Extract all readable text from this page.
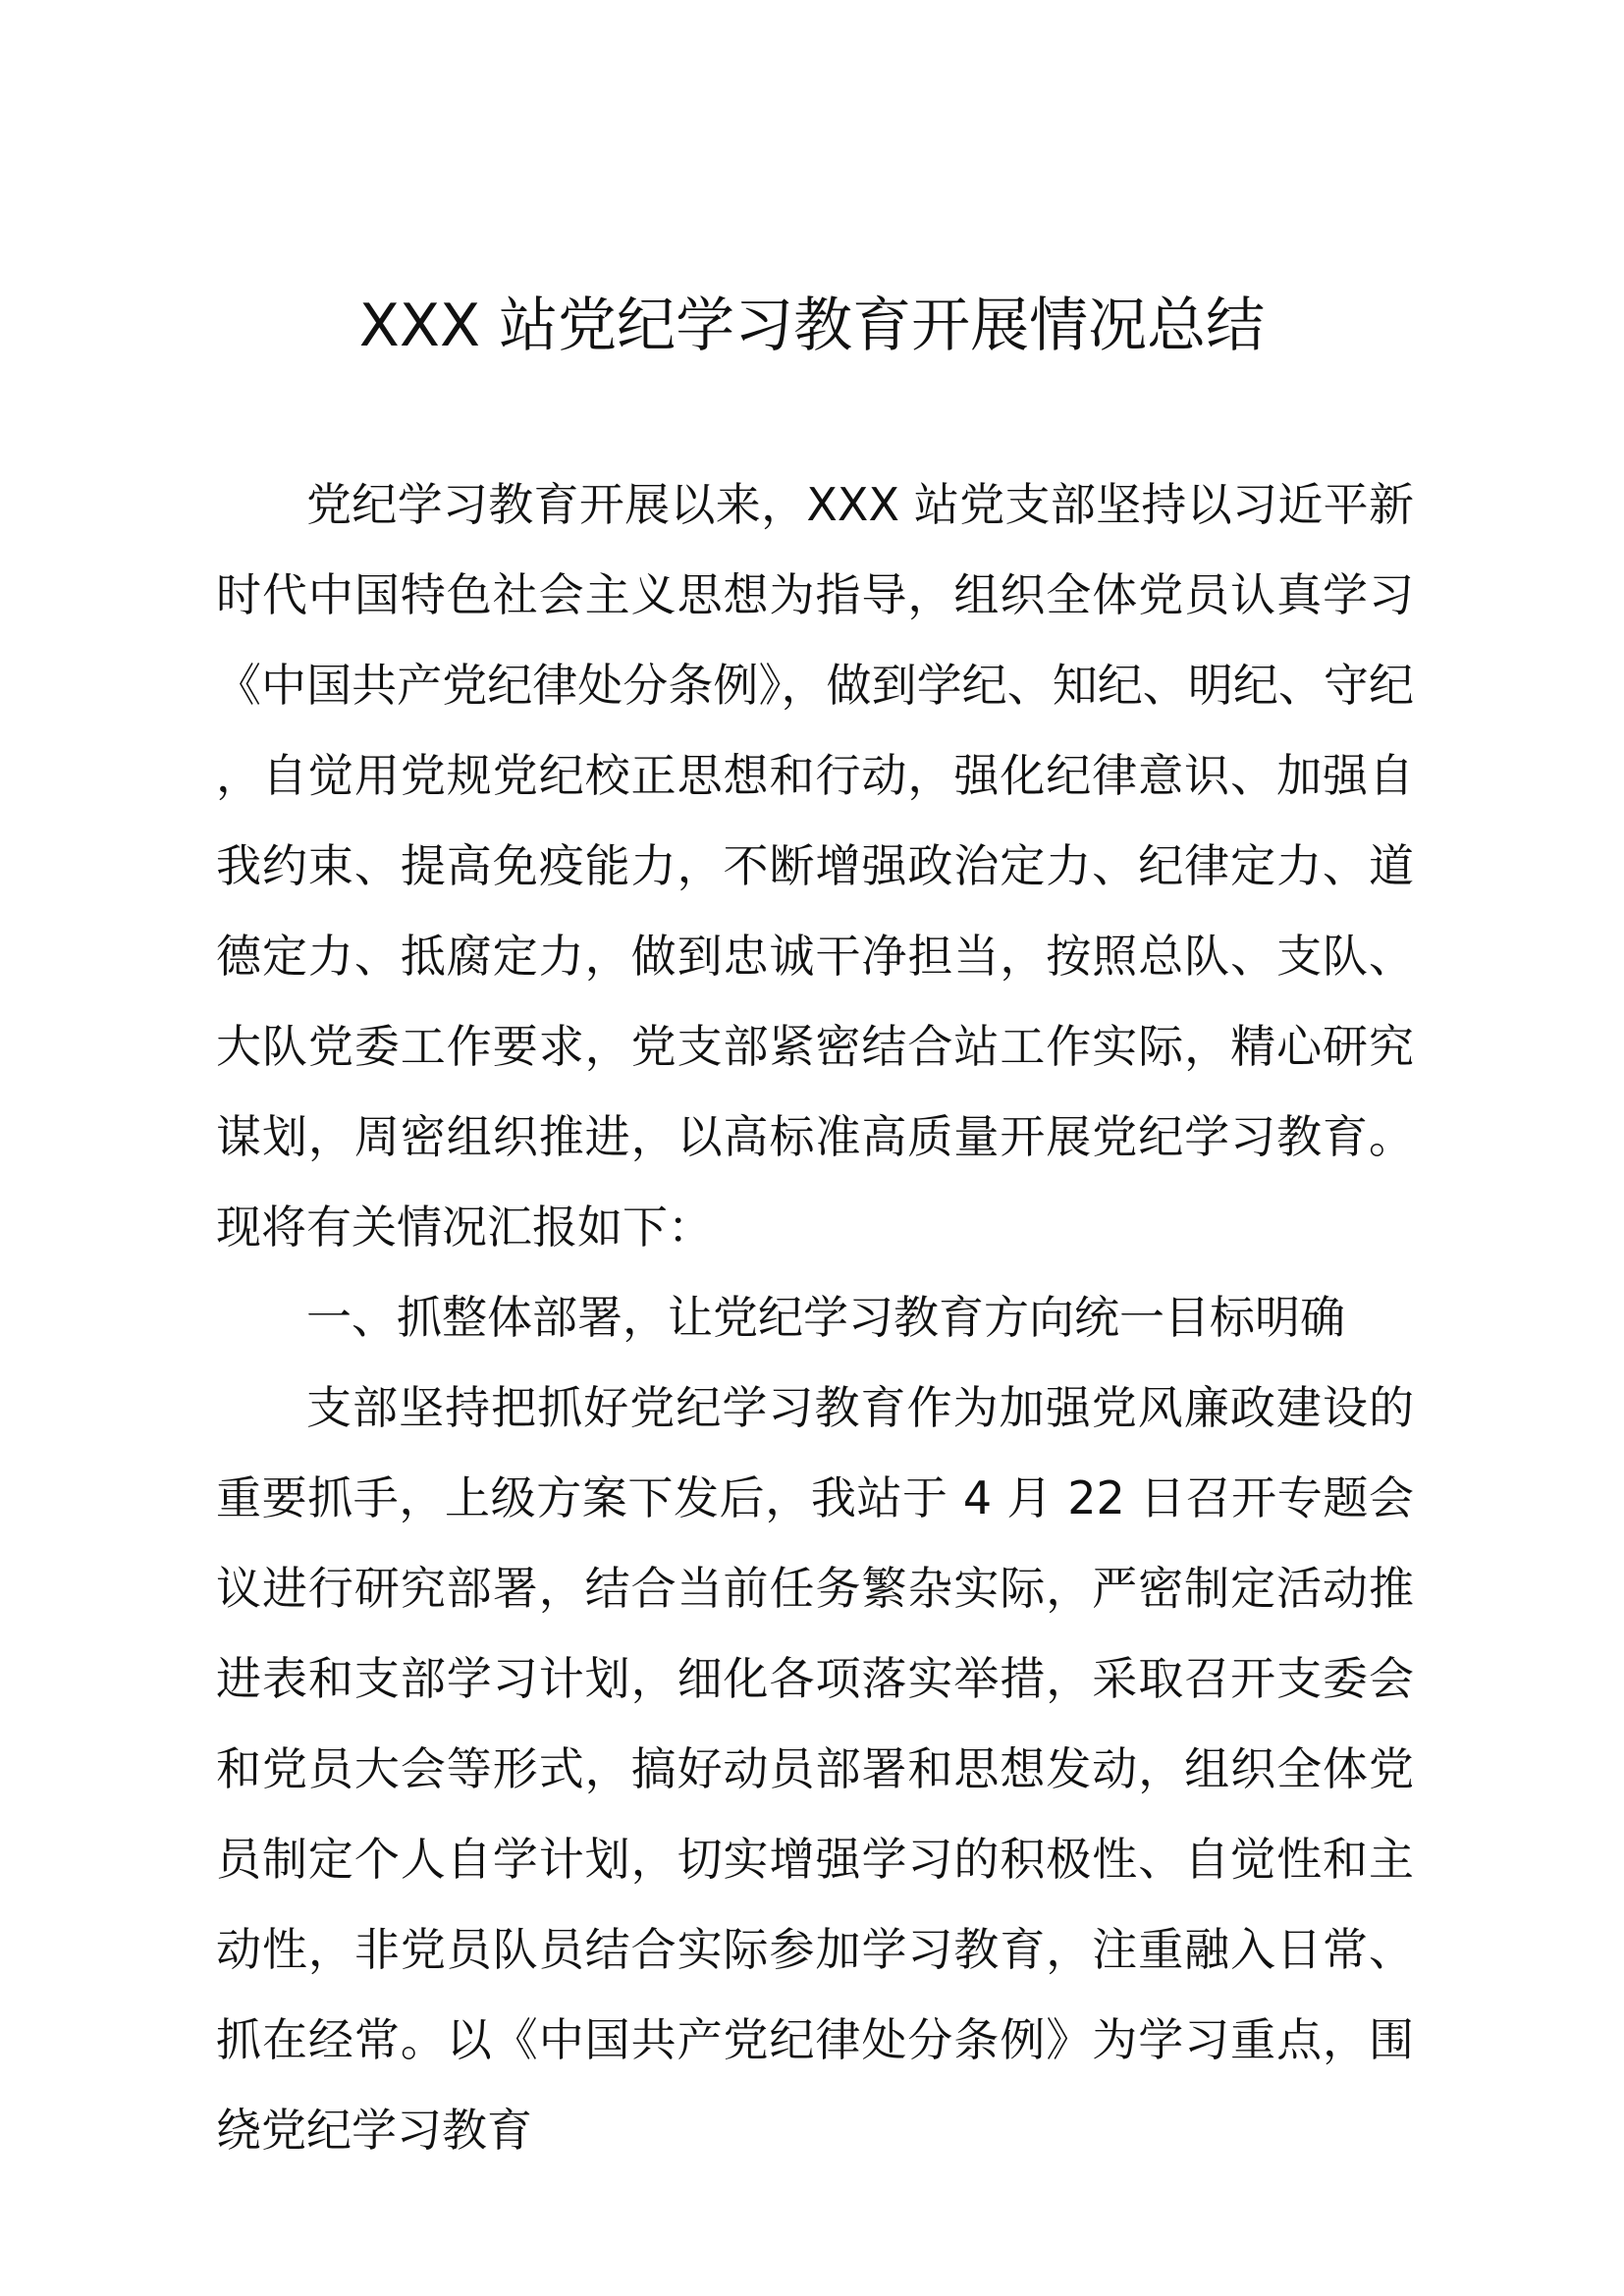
XXX 站党纪学习教育开展情况总结

党纪学习教育开展以来，XXX 站党支部坚持以习近平新时代中国特色社会主义思想为指导，组织全体党员认真学习《中国共产党纪律处分条例》，做到学纪、知纪、明纪、守纪，自觉用党规党纪校正思想和行动，强化纪律意识、加强自我约束、提高免疫能力，不断增强政治定力、纪律定力、道德定力、抵腐定力，做到忠诚干净担当，按照总队、支队、大队党委工作要求，党支部紧密结合站工作实际，精心研究谋划，周密组织推进，以高标准高质量开展党纪学习教育。现将有关情况汇报如下：

一、抓整体部署，让党纪学习教育方向统一目标明确

支部坚持把抓好党纪学习教育作为加强党风廉政建设的重要抓手，上级方案下发后，我站于 4 月 22 日召开专题会议进行研究部署，结合当前任务繁杂实际，严密制定活动推进表和支部学习计划，细化各项落实举措，采取召开支委会和党员大会等形式，搞好动员部署和思想发动，组织全体党员制定个人自学计划，切实增强学习的积极性、自觉性和主动性，非党员队员结合实际参加学习教育，注重融入日常、抓在经常。以《中国共产党纪律处分条例》为学习重点，围绕党纪学习教育
